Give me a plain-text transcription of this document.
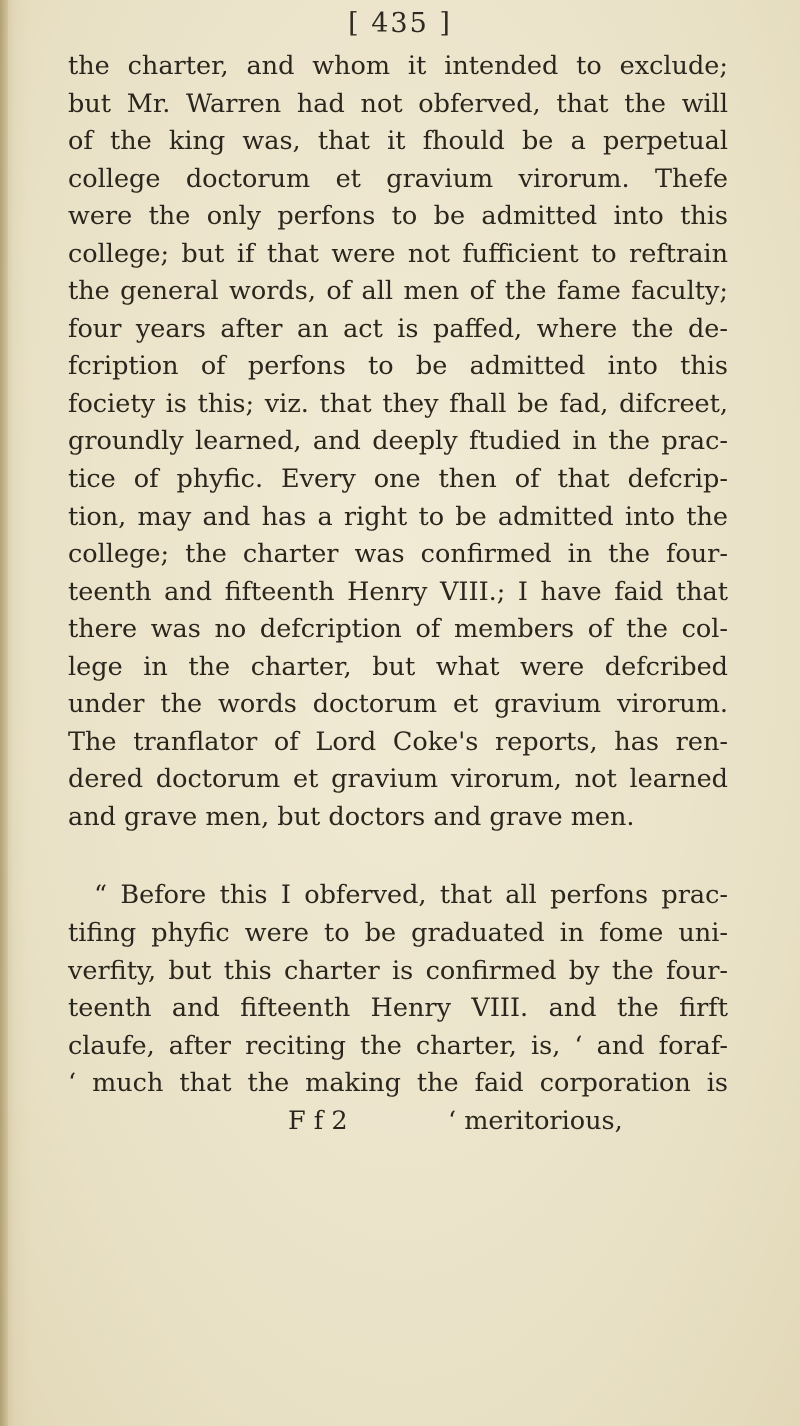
[ 435 ]
the charter, and whom it intended to exclude;
but Mr. Warren had not obferved, that the will
of the king was, that it fhould be a perpetual
college doctorum et gravium virorum. Thefe
were the only perfons to be admitted into this
college; but if that were not fufficient to reftrain
the general words, of all men of the fame faculty;
four years after an act is paffed, where the de-
fcription of perfons to be admitted into this
fociety is this; viz. that they fhall be fad, difcreet,
groundly learned, and deeply ftudied in the prac-
tice of phyfic. Every one then of that defcrip-
tion, may and has a right to be admitted into the
college; the charter was confirmed in the four-
teenth and fifteenth Henry VIII.; I have faid that
there was no defcription of members of the col-
lege in the charter, but what were defcribed
under the words doctorum et gravium virorum.
The tranflator of Lord Coke's reports, has ren-
dered doctorum et gravium virorum, not learned
and grave men, but doctors and grave men.
“ Before this I obferved, that all perfons prac-
tifing phyfic were to be graduated in fome uni-
verfity, but this charter is confirmed by the four-
teenth and fifteenth Henry VIII. and the firft
claufe, after reciting the charter, is, ‘ and foraf-
‘ much that the making the faid corporation is
F f 2	‘ meritorious,
